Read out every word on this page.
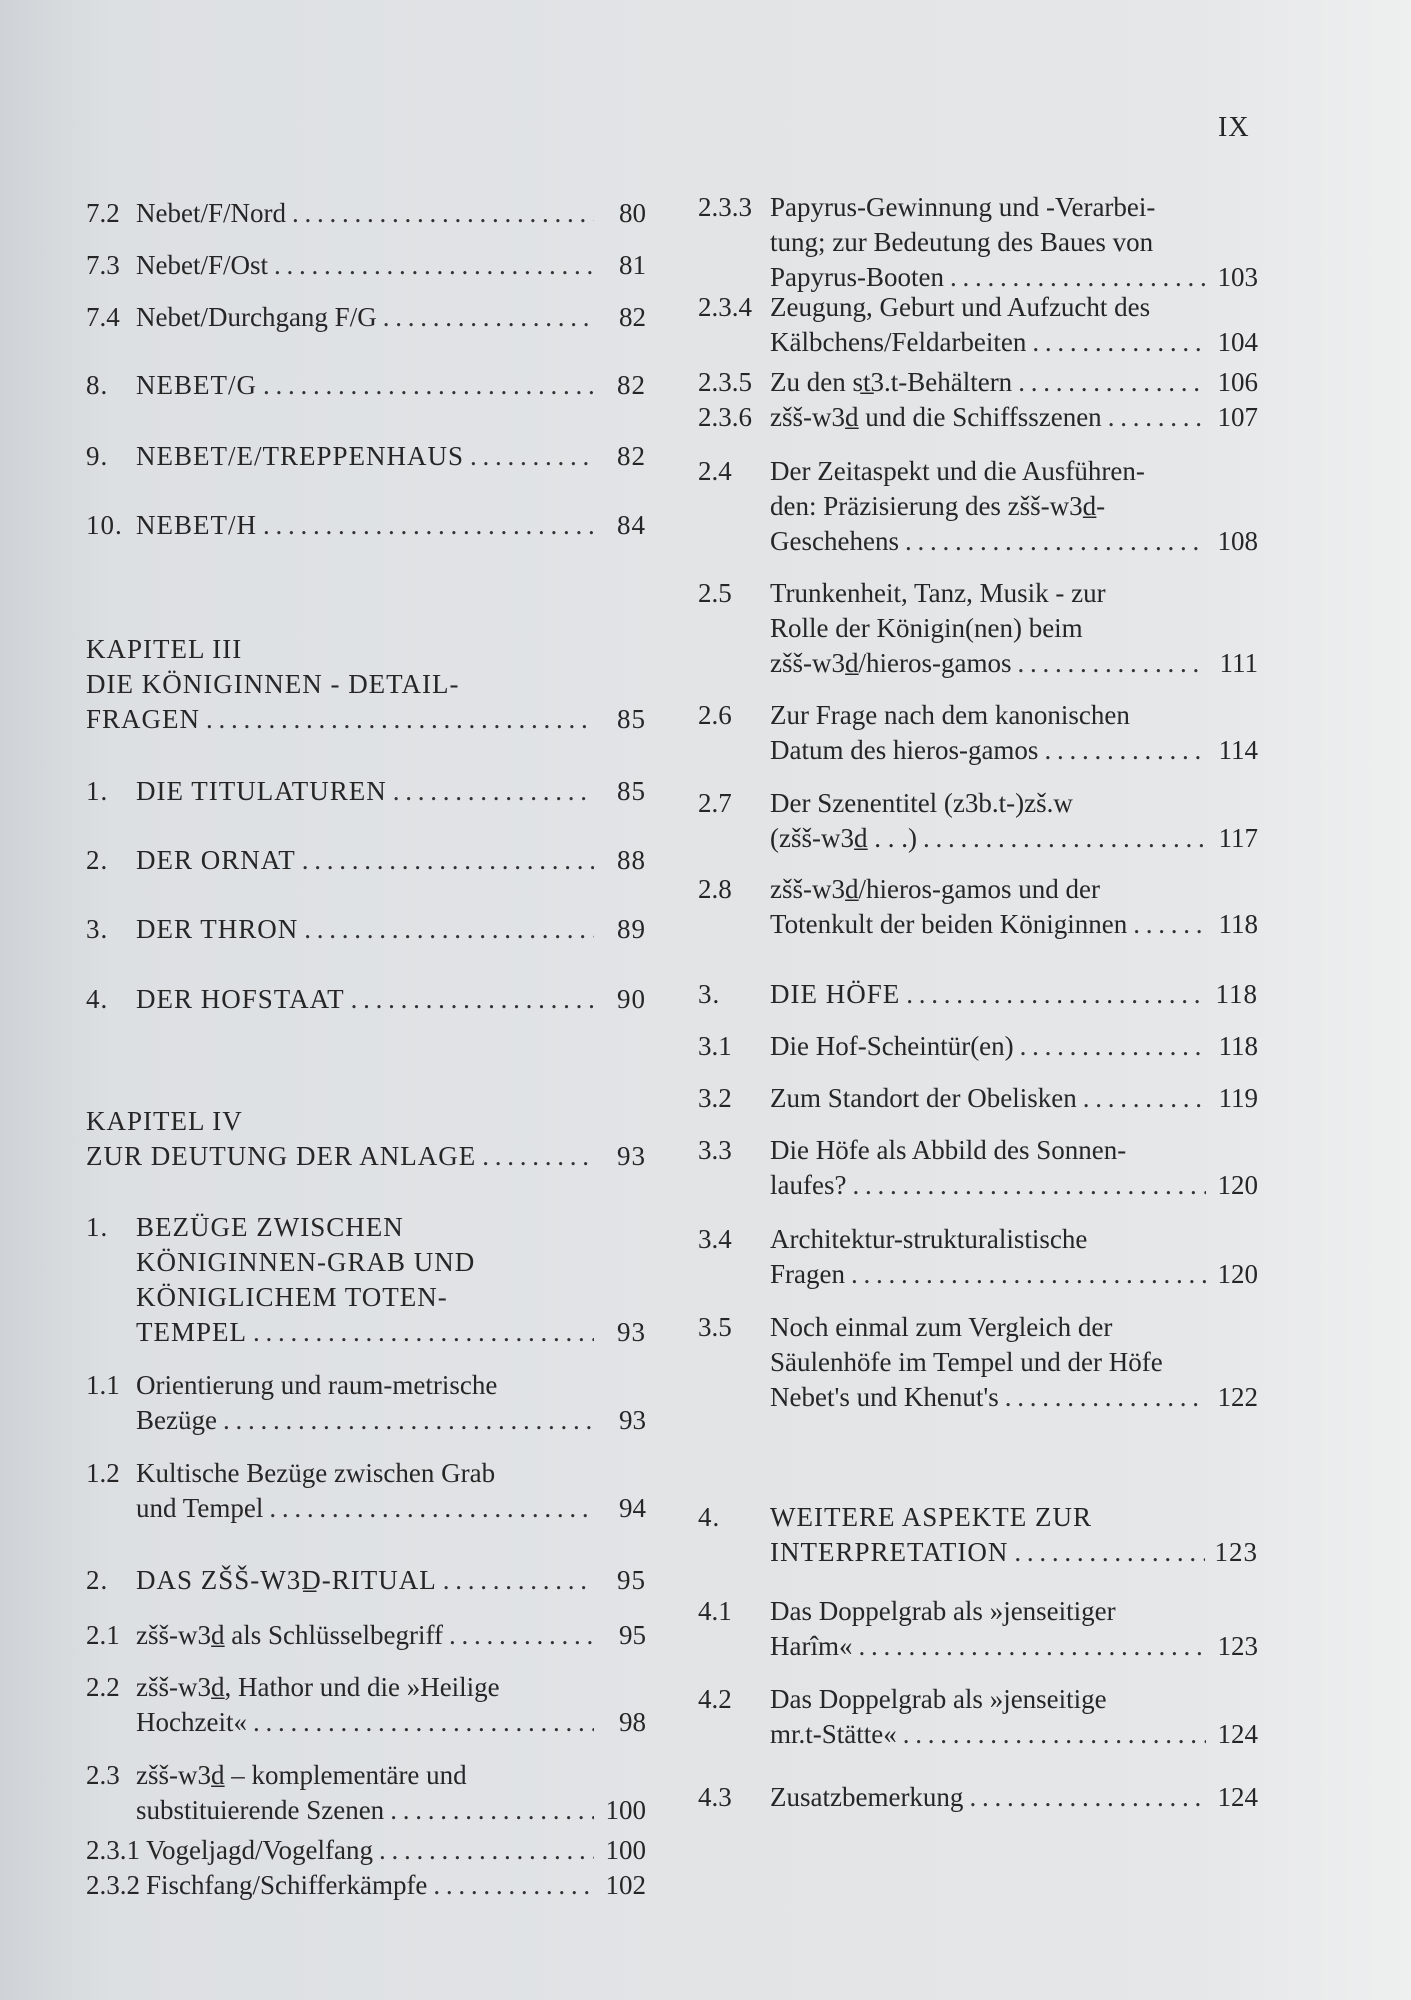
IX
7.2 Nebet/F/Nord . . .	80
7.3 Nebet/F/Ost . . .	81
7.4 Nebet/Durchgang F/G . . .	82
8. NEBET/G . . .	82
9. NEBET/E/TREPPENHAUS . . .	82
10. NEBET/H . . .	84
KAPITEL III
DIE KÖNIGINNEN - DETAIL-
FRAGEN . . .	85
1. DIE TITULATUREN . . .	85
2. DER ORNAT . . .	88
3. DER THRON . . .	89
4. DER HOFSTAAT . . .	90
KAPITEL IV
ZUR DEUTUNG DER ANLAGE . . .	93
1. BEZÜGE ZWISCHEN
KÖNIGINNEN-GRAB UND
KÖNIGLICHEM TOTEN-
TEMPEL . . .	93
1.1 Orientierung und raum-metrische
Bezüge . . .	93
1.2 Kultische Bezüge zwischen Grab
und Tempel . . .	94
2. DAS ZŠŠ-W3D̲-RITUAL . . .	95
2.1 zšš-w3d̲ als Schlüsselbegriff . . .	95
2.2 zšš-w3d̲, Hathor und die »Heilige
Hochzeit« . . .	98
2.3 zšš-w3d̲ – komplementäre und
substituierende Szenen . . .	100
2.3.1 Vogeljagd/Vogelfang . . .	100
2.3.2 Fischfang/Schifferkämpfe . . .	102
2.3.3 Papyrus-Gewinnung und -Verarbei-
tung; zur Bedeutung des Baues von
Papyrus-Booten . . .	103
2.3.4 Zeugung, Geburt und Aufzucht des
Kälbchens/Feldarbeiten . . .	104
2.3.5 Zu den st̲3.t-Behältern . . .	106
2.3.6 zšš-w3d̲ und die Schiffsszenen . . .	107
2.4 Der Zeitaspekt und die Ausführen-
den: Präzisierung des zšš-w3d̲-
Geschehens . . .	108
2.5 Trunkenheit, Tanz, Musik - zur
Rolle der Königin(nen) beim
zšš-w3d̲/hieros-gamos . . .	111
2.6 Zur Frage nach dem kanonischen
Datum des hieros-gamos . . .	114
2.7 Der Szenentitel (z3b.t-)zš.w
(zšš-w3d̲ . . .) . . .	117
2.8 zšš-w3d̲/hieros-gamos und der
Totenkult der beiden Königinnen . . .	118
3. DIE HÖFE . . .	118
3.1 Die Hof-Scheintür(en) . . .	118
3.2 Zum Standort der Obelisken . . .	119
3.3 Die Höfe als Abbild des Sonnen-
laufes? . . .	120
3.4 Architektur-strukturalistische
Fragen . . .	120
3.5 Noch einmal zum Vergleich der
Säulenhöfe im Tempel und der Höfe
Nebet's und Khenut's . . .	122
4. WEITERE ASPEKTE ZUR
INTERPRETATION . . .	123
4.1 Das Doppelgrab als »jenseitiger
Harîm« . . .	123
4.2 Das Doppelgrab als »jenseitige
mr.t-Stätte« . . .	124
4.3 Zusatzbemerkung . . .	124
